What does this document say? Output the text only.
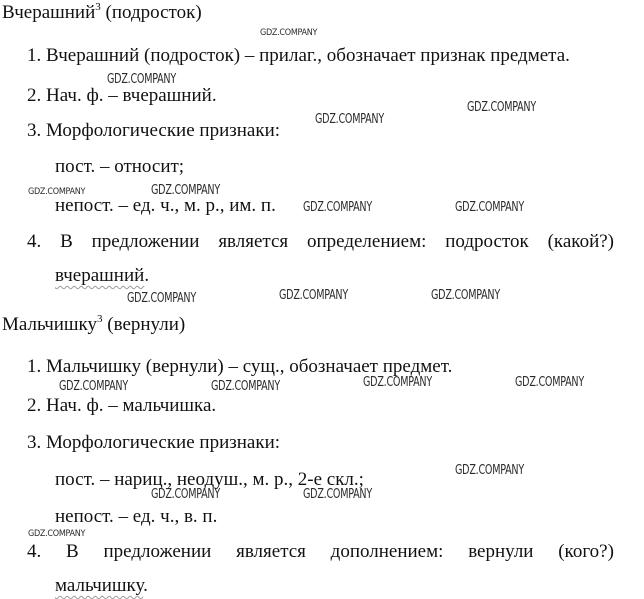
Вчерашний$^3$ (подросток)
1. Вчерашний (подросток) – прилаг., обозначает признак предмета.
2. Нач. ф. – вчерашний.
3. Морфологические признаки:
пост. – относит;
непост. – ед. ч., м. р., им. п.
4. В предложении является определением: подросток (какой?)
вчерашний.
Мальчишку$^3$ (вернули)
1. Мальчишку (вернули) – сущ., обозначает предмет.
2. Нач. ф. – мальчишка.
3. Морфологические признаки:
пост. – нариц., неодуш., м. р., 2-е скл.;
непост. – ед. ч., в. п.
4. В предложении является дополнением: вернули (кого?)
мальчишку.
GDZ.COMPANY
GDZ.COMPANY
GDZ.COMPANY
GDZ.COMPANY
GDZ.COMPANY	GDZ.COMPANY
GDZ.COMPANY	GDZ.COMPANY
GDZ.COMPANY	GDZ.COMPANY	GDZ.COMPANY
GDZ.COMPANY	GDZ.COMPANY	GDZ.COMPANY	GDZ.COMPANY
GDZ.COMPANY
GDZ.COMPANY	GDZ.COMPANY
GDZ.COMPANY
